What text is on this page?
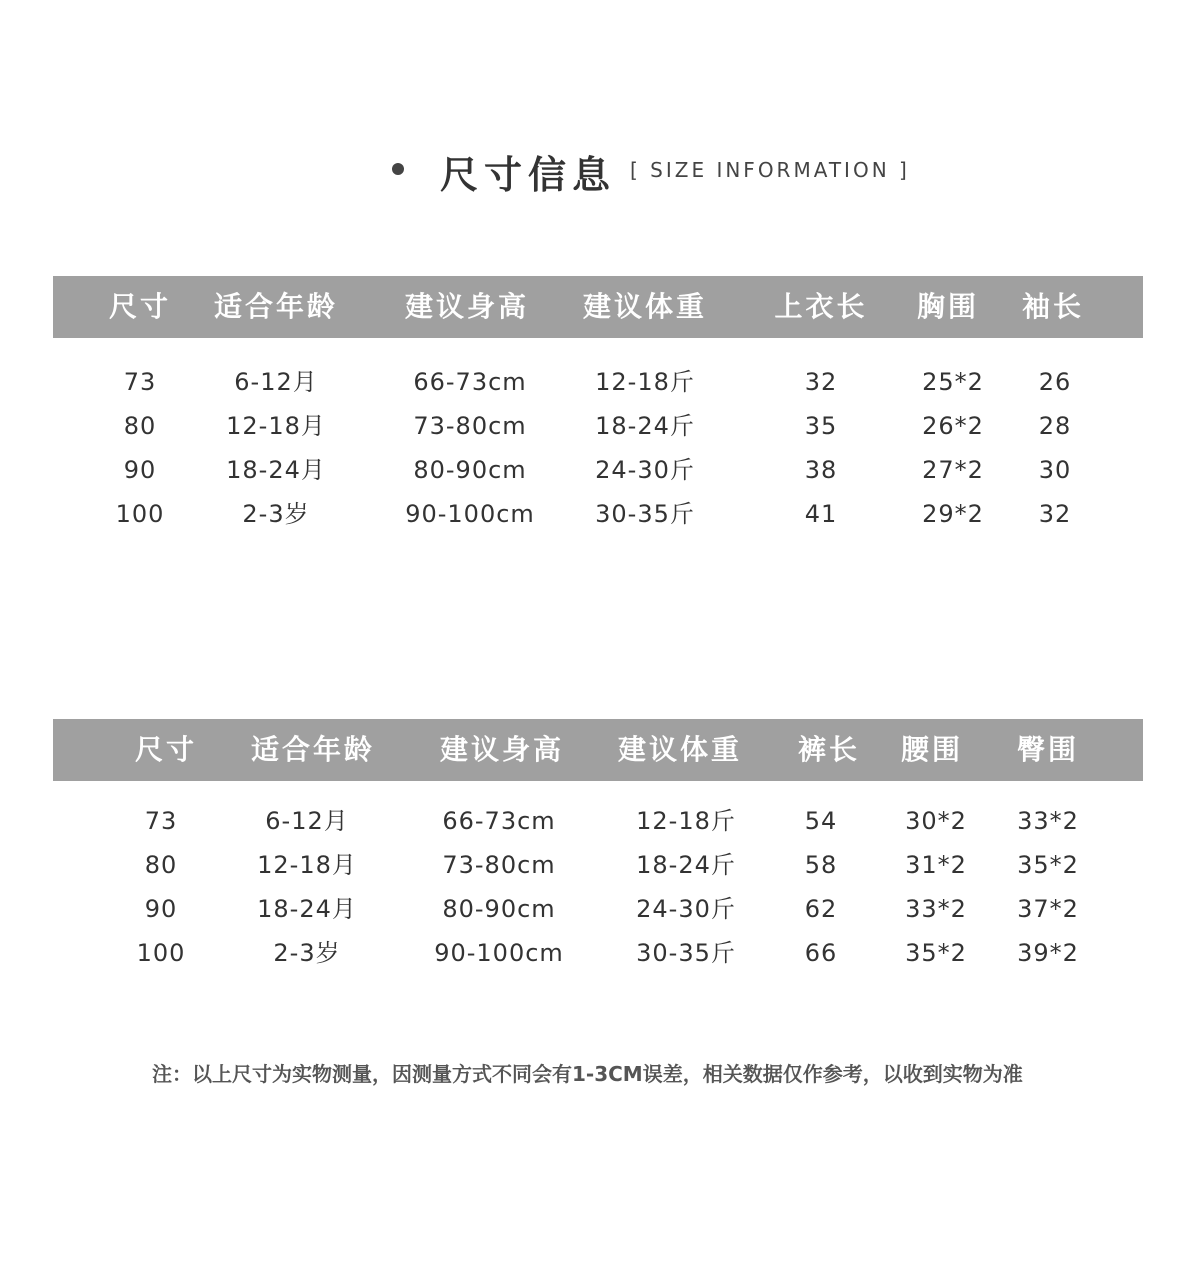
尺寸信息 [ SIZE INFORMATION ]
尺寸 适合年龄 建议身高 建议体重 上衣长 胸围 袖长
73	6-12月	66-73cm	12-18斤	32	25*2 26
80	12-18月	73-80cm	18-24斤	35	26*2 28
90	18-24月	80-90cm	24-30斤	38	27*2 30
100	2-3岁	90-100cm	30-35斤	41	29*2 32
尺寸 适合年龄 建议身高 建议体重 裤长 腰围 臀围
73	6-12月	66-73cm	12-18斤	54	30*2 33*2
80	12-18月	73-80cm	18-24斤	58	31*2 35*2
90	18-24月	80-90cm	24-30斤	62	33*2 37*2
100	2-3岁	90-100cm	30-35斤	66	35*2 39*2
注：以上尺寸为实物测量，因测量方式不同会有1-3CM误差，相关数据仅作参考，以收到实物为准
